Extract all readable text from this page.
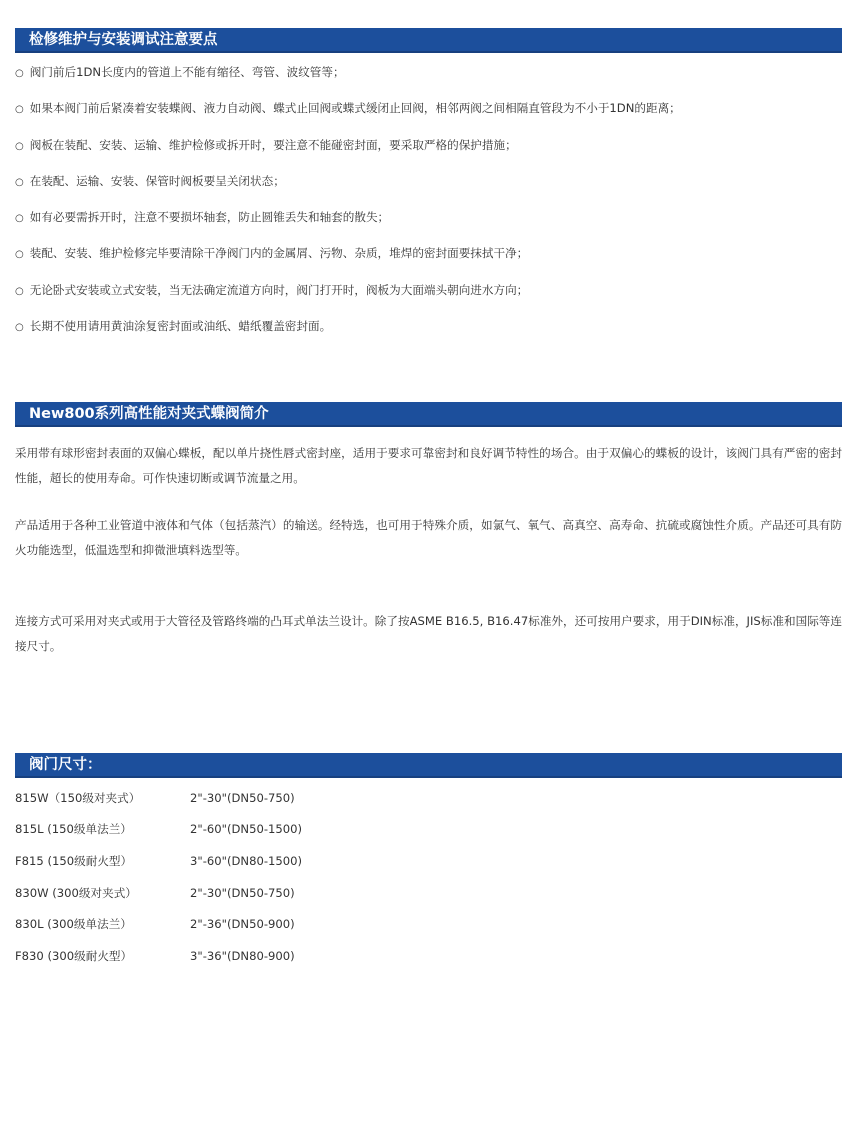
检修维护与安装调试注意要点
○ 阀门前后1DN长度内的管道上不能有缩径、弯管、波纹管等；
○ 如果本阀门前后紧凑着安装蝶阀、液力自动阀、蝶式止回阀或蝶式缓闭止回阀，相邻两阀之间相隔直管段为不小于1DN的距离；
○ 阀板在装配、安装、运输、维护检修或拆开时，要注意不能碰密封面，要采取严格的保护措施；
○ 在装配、运输、安装、保管时阀板要呈关闭状态；
○ 如有必要需拆开时，注意不要损坏轴套，防止圆锥丢失和轴套的散失；
○ 装配、安装、维护检修完毕要清除干净阀门内的金属屑、污物、杂质，堆焊的密封面要抹拭干净；
○ 无论卧式安装或立式安装，当无法确定流道方向时，阀门打开时，阀板为大面端头朝向进水方向；
○ 长期不使用请用黄油涂复密封面或油纸、蜡纸覆盖密封面。
New800系列高性能对夹式蝶阀简介

采用带有球形密封表面的双偏心蝶板，配以单片挠性唇式密封座，适用于要求可靠密封和良好调节特性的场合。由于双偏心的蝶板的设计，该阀门具有严密的密封性能，超长的使用寿命。可作快速切断或调节流量之用。

产品适用于各种工业管道中液体和气体（包括蒸汽）的输送。经特选，也可用于特殊介质，如氯气、氧气、高真空、高寿命、抗硫或腐蚀性介质。产品还可具有防火功能选型，低温选型和抑微泄填料选型等。

连接方式可采用对夹式或用于大管径及管路终端的凸耳式单法兰设计。除了按ASME B16.5, B16.47标准外，还可按用户要求，用于DIN标准，JIS标准和国际等连接尺寸。

阀门尺寸：
815W（150级对夹式）	2"-30"(DN50-750)
815L (150级单法兰）	2"-60"(DN50-1500)
F815 (150级耐火型）	3"-60"(DN80-1500)
830W (300级对夹式）	2"-30"(DN50-750)
830L (300级单法兰）	2"-36"(DN50-900)
F830 (300级耐火型）	3"-36"(DN80-900)
